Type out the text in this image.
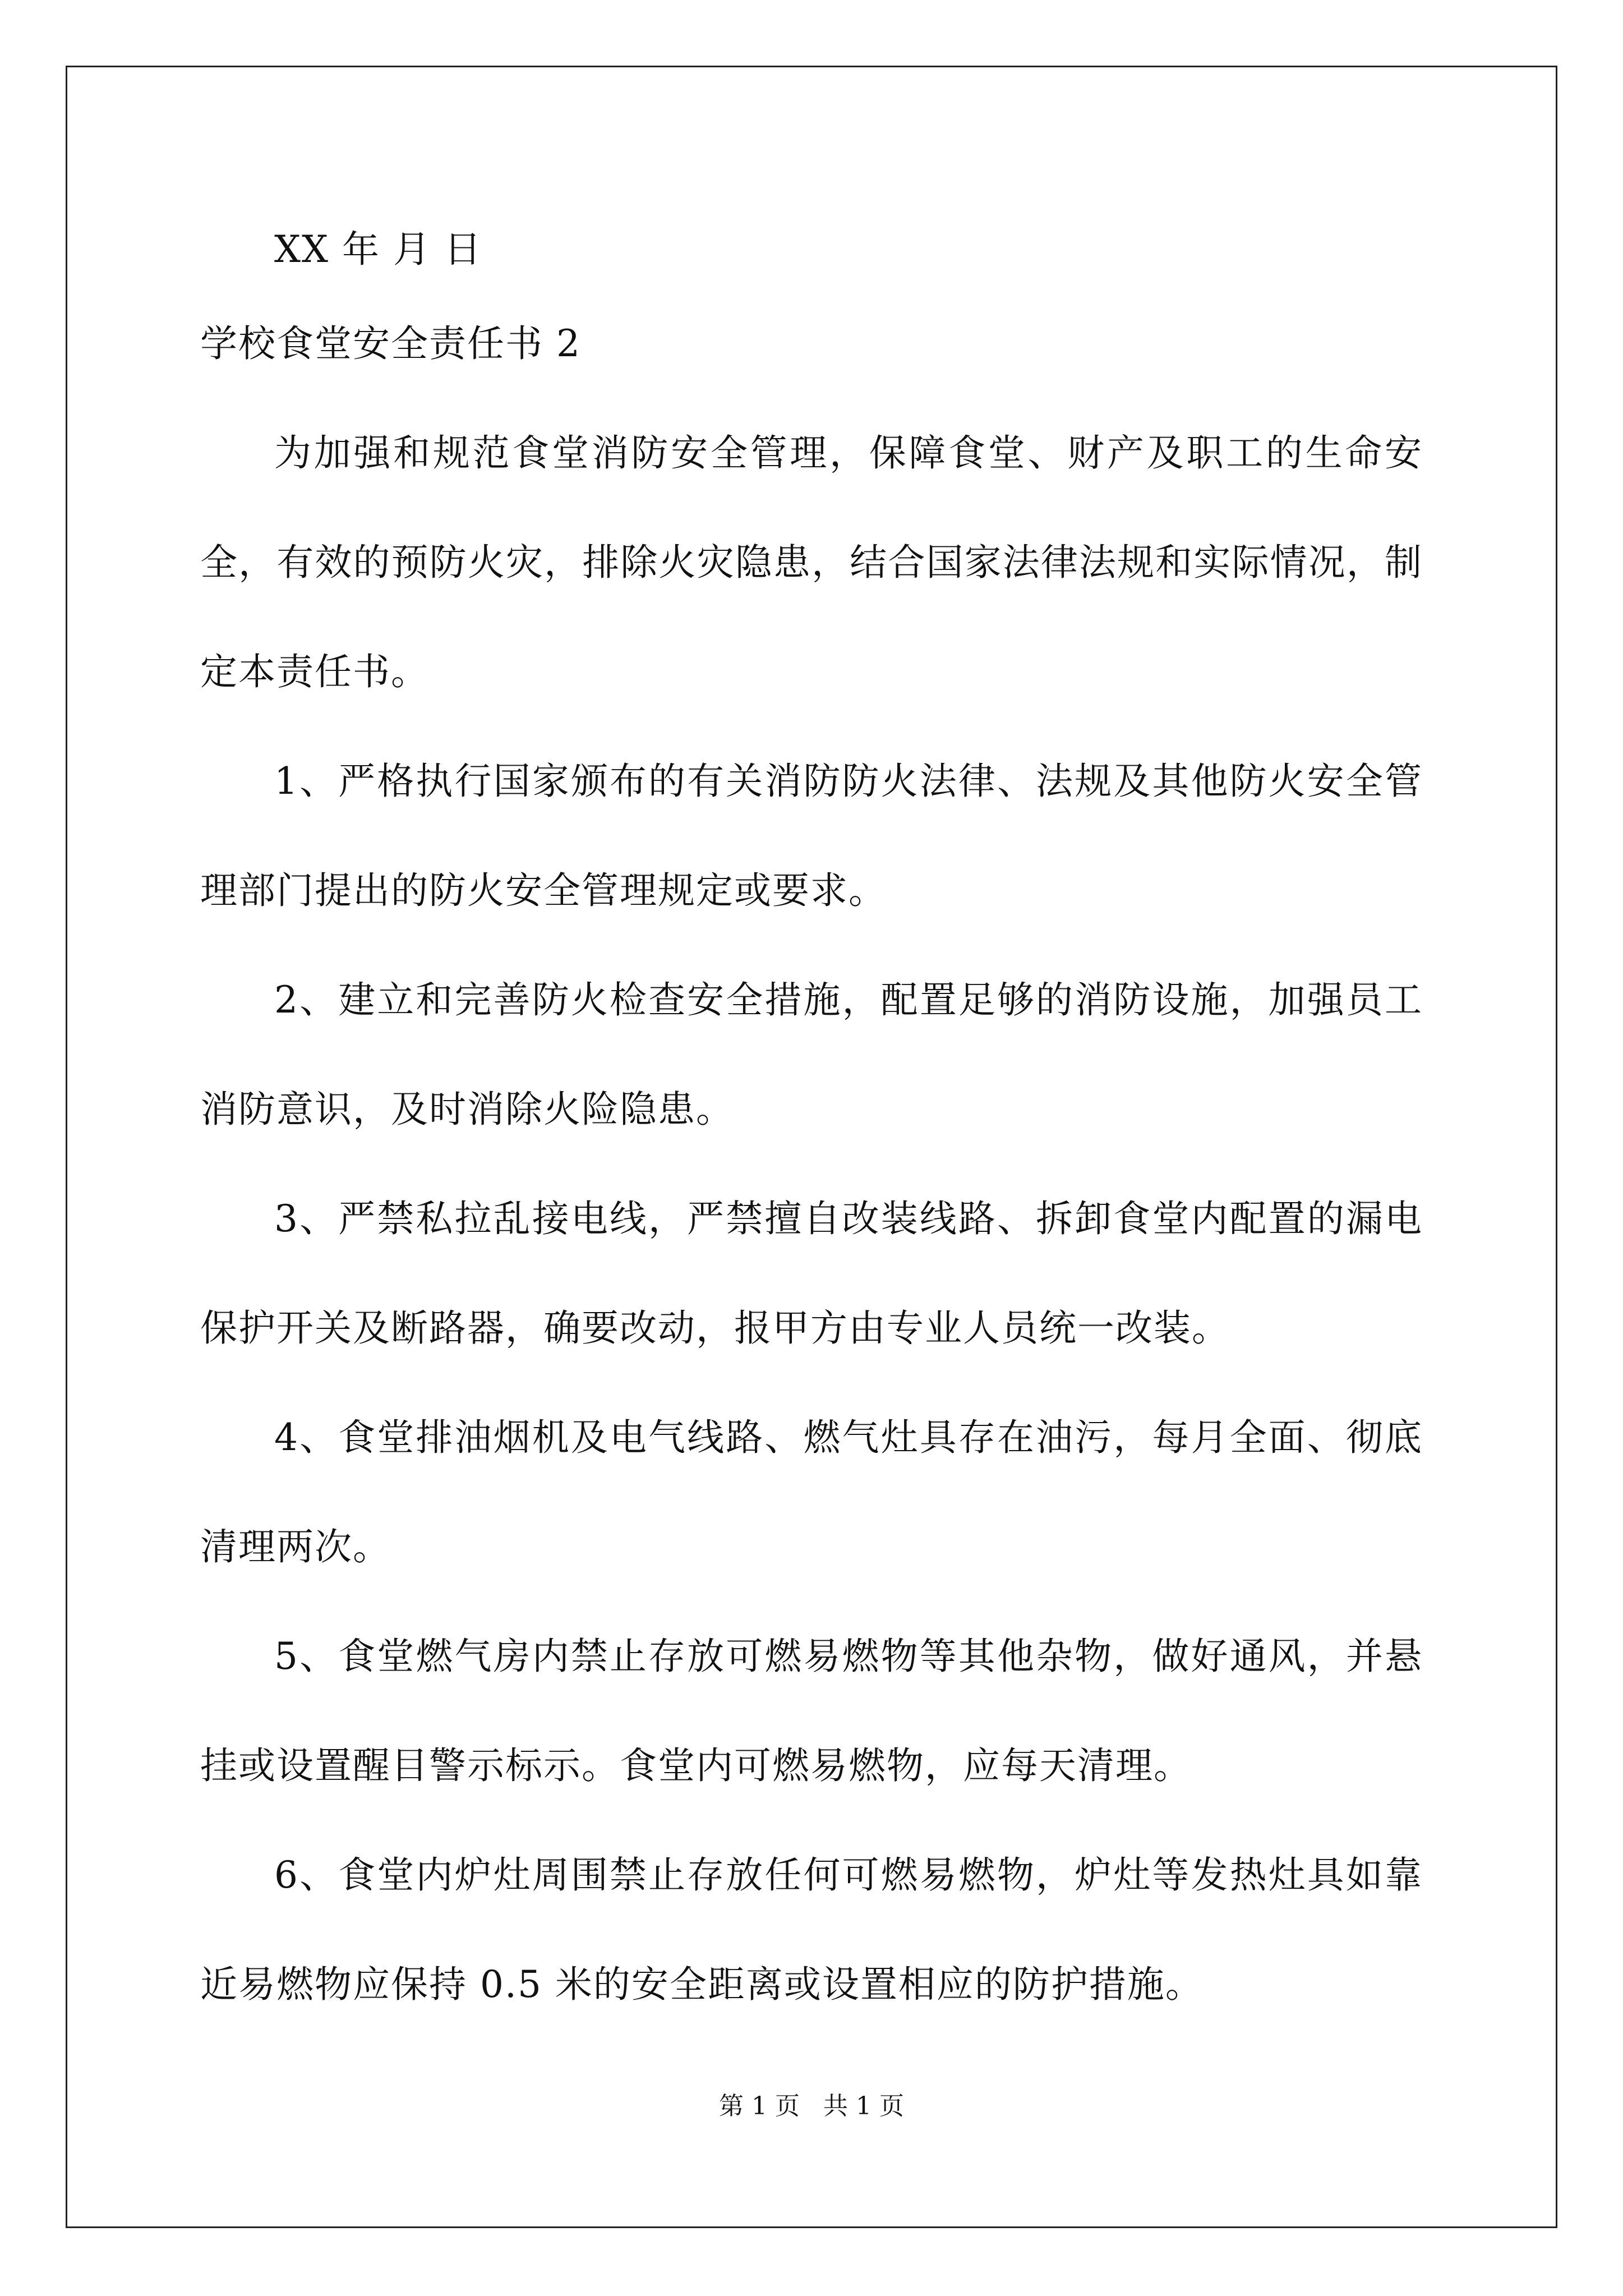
XX 年 月 日

学校食堂安全责任书 2

为加强和规范食堂消防安全管理，保障食堂、财产及职工的生命安全，有效的预防火灾，排除火灾隐患，结合国家法律法规和实际情况，制定本责任书。

1、严格执行国家颁布的有关消防防火法律、法规及其他防火安全管理部门提出的防火安全管理规定或要求。

2、建立和完善防火检查安全措施，配置足够的消防设施，加强员工消防意识，及时消除火险隐患。

3、严禁私拉乱接电线，严禁擅自改装线路、拆卸食堂内配置的漏电保护开关及断路器，确要改动，报甲方由专业人员统一改装。

4、食堂排油烟机及电气线路、燃气灶具存在油污，每月全面、彻底清理两次。

5、食堂燃气房内禁止存放可燃易燃物等其他杂物，做好通风，并悬挂或设置醒目警示标示。食堂内可燃易燃物，应每天清理。

6、食堂内炉灶周围禁止存放任何可燃易燃物，炉灶等发热灶具如靠近易燃物应保持 0.5 米的安全距离或设置相应的防护措施。

第 1 页 共 1 页
